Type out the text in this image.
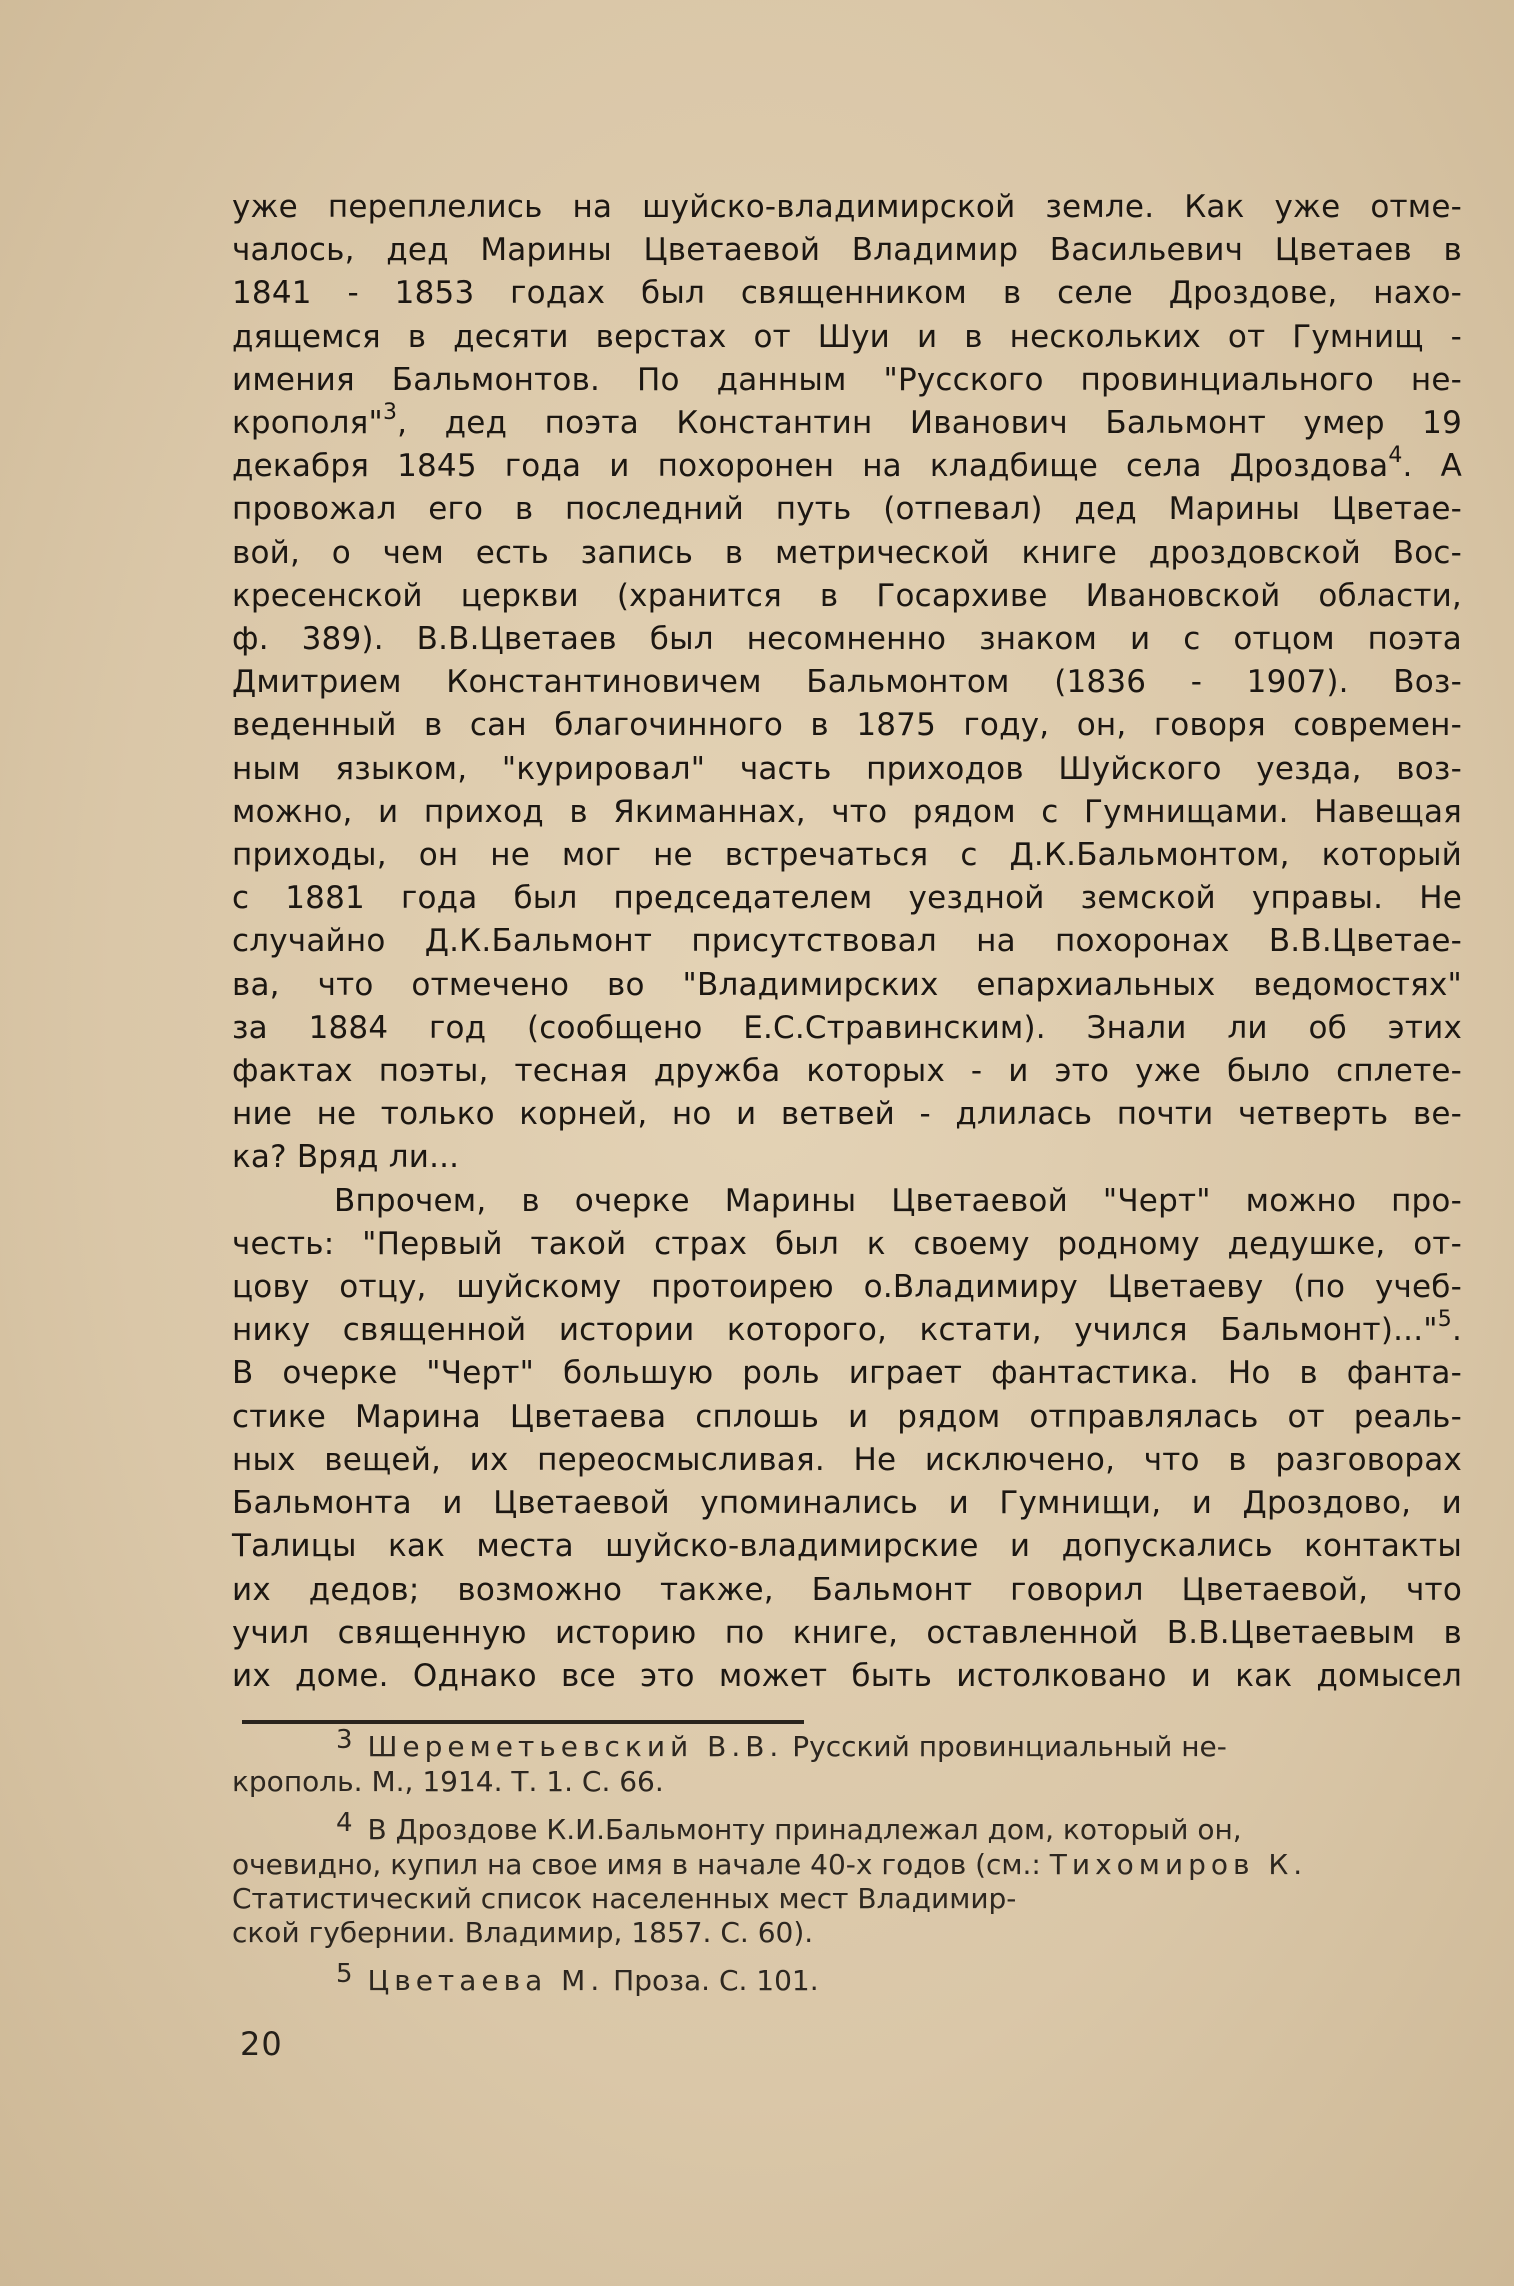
уже переплелись на шуйско-владимирской земле. Как уже отме-
чалось, дед Марины Цветаевой Владимир Васильевич Цветаев в
1841 - 1853 годах был священником в селе Дроздове, нахо-
дящемся в десяти верстах от Шуи и в нескольких от Гумнищ -
имения Бальмонтов. По данным "Русского провинциального не-
крополя"$^3$, дед поэта Константин Иванович Бальмонт умер 19
декабря 1845 года и похоронен на кладбище села Дроздова$^4$. А
провожал его в последний путь (отпевал) дед Марины Цветае-
вой, о чем есть запись в метрической книге дроздовской Вос-
кресенской церкви (хранится в Госархиве Ивановской области,
ф. 389). В.В.Цветаев был несомненно знаком и с отцом поэта
Дмитрием Константиновичем Бальмонтом (1836 - 1907). Воз-
веденный в сан благочинного в 1875 году, он, говоря современ-
ным языком, "курировал" часть приходов Шуйского уезда, воз-
можно, и приход в Якиманнах, что рядом с Гумнищами. Навещая
приходы, он не мог не встречаться с Д.К.Бальмонтом, который
с 1881 года был председателем уездной земской управы. Не
случайно Д.К.Бальмонт присутствовал на похоронах В.В.Цветае-
ва, что отмечено во "Владимирских епархиальных ведомостях"
за 1884 год (сообщено Е.С.Стравинским). Знали ли об этих
фактах поэты, тесная дружба которых - и это уже было сплете-
ние не только корней, но и ветвей - длилась почти четверть ве-
ка? Вряд ли...
Впрочем, в очерке Марины Цветаевой "Черт" можно про-
честь: "Первый такой страх был к своему родному дедушке, от-
цову отцу, шуйскому протоирею о.Владимиру Цветаеву (по учеб-
нику священной истории которого, кстати, учился Бальмонт)..."$^5$.
В очерке "Черт" большую роль играет фантастика. Но в фанта-
стике Марина Цветаева сплошь и рядом отправлялась от реаль-
ных вещей, их переосмысливая. Не исключено, что в разговорах
Бальмонта и Цветаевой упоминались и Гумнищи, и Дроздово, и
Талицы как места шуйско-владимирские и допускались контакты
их дедов; возможно также, Бальмонт говорил Цветаевой, что
учил священную историю по книге, оставленной В.В.Цветаевым в
их доме. Однако все это может быть истолковано и как домысел
3 Шереметьевский В.В. Русский провинциальный не-
крополь. М., 1914. Т. 1. С. 66.
4 В Дроздове К.И.Бальмонту принадлежал дом, который он,
очевидно, купил на свое имя в начале 40-х годов (см.: Тихомиров К.
Статистический список населенных мест Владимир-
ской губернии. Владимир, 1857. С. 60).
5 Цветаева М. Проза. С. 101.
20
